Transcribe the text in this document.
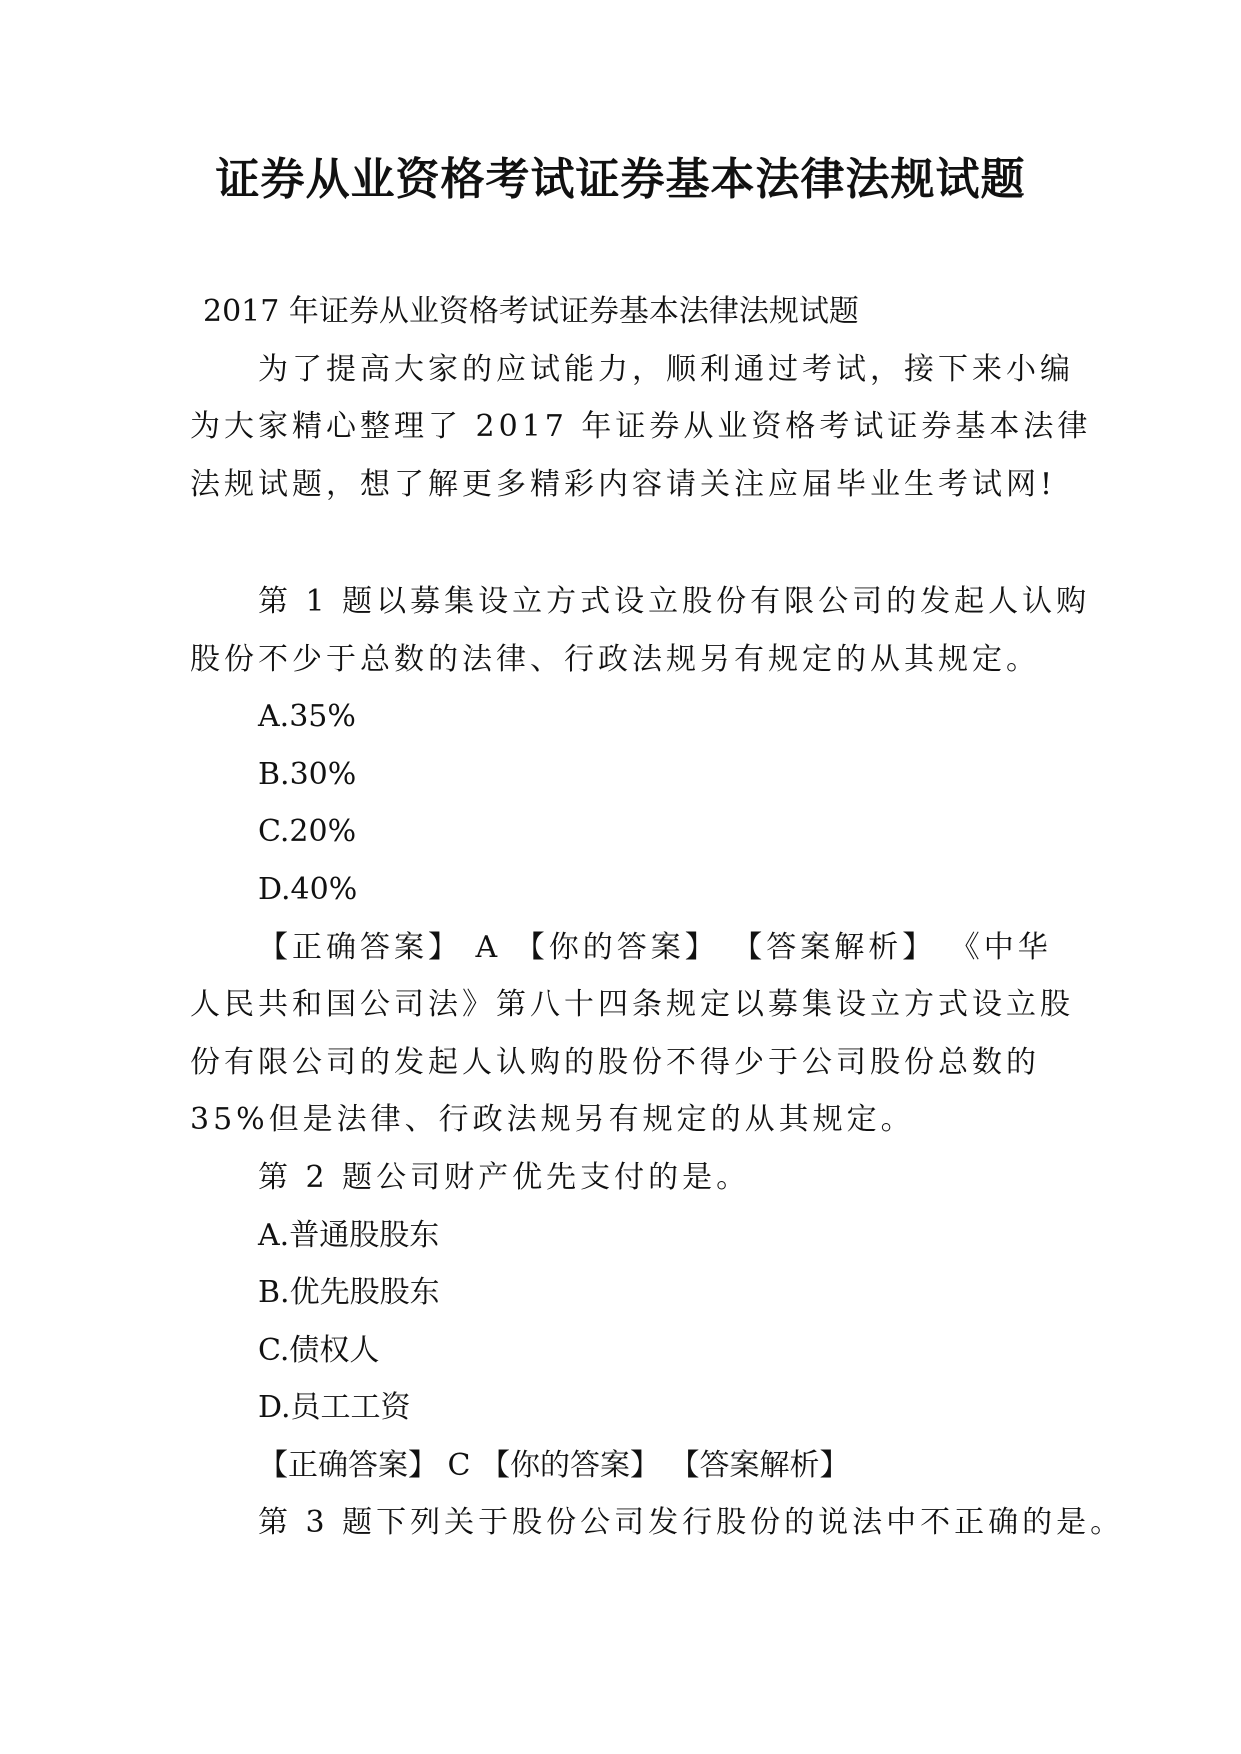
证券从业资格考试证券基本法律法规试题
2017 年证券从业资格考试证券基本法律法规试题
为了提高大家的应试能力，顺利通过考试，接下来小编
为大家精心整理了 2017 年证券从业资格考试证券基本法律
法规试题，想了解更多精彩内容请关注应届毕业生考试网!
第 1 题以募集设立方式设立股份有限公司的发起人认购
股份不少于总数的法律、行政法规另有规定的从其规定。
A.35%
B.30%
C.20%
D.40%
【正确答案】 A 【你的答案】 【答案解析】 《中华
人民共和国公司法》第八十四条规定以募集设立方式设立股
份有限公司的发起人认购的股份不得少于公司股份总数的
35%但是法律、行政法规另有规定的从其规定。
第 2 题公司财产优先支付的是。
A.普通股股东
B.优先股股东
C.债权人
D.员工工资
【正确答案】 C 【你的答案】 【答案解析】
第 3 题下列关于股份公司发行股份的说法中不正确的是。
